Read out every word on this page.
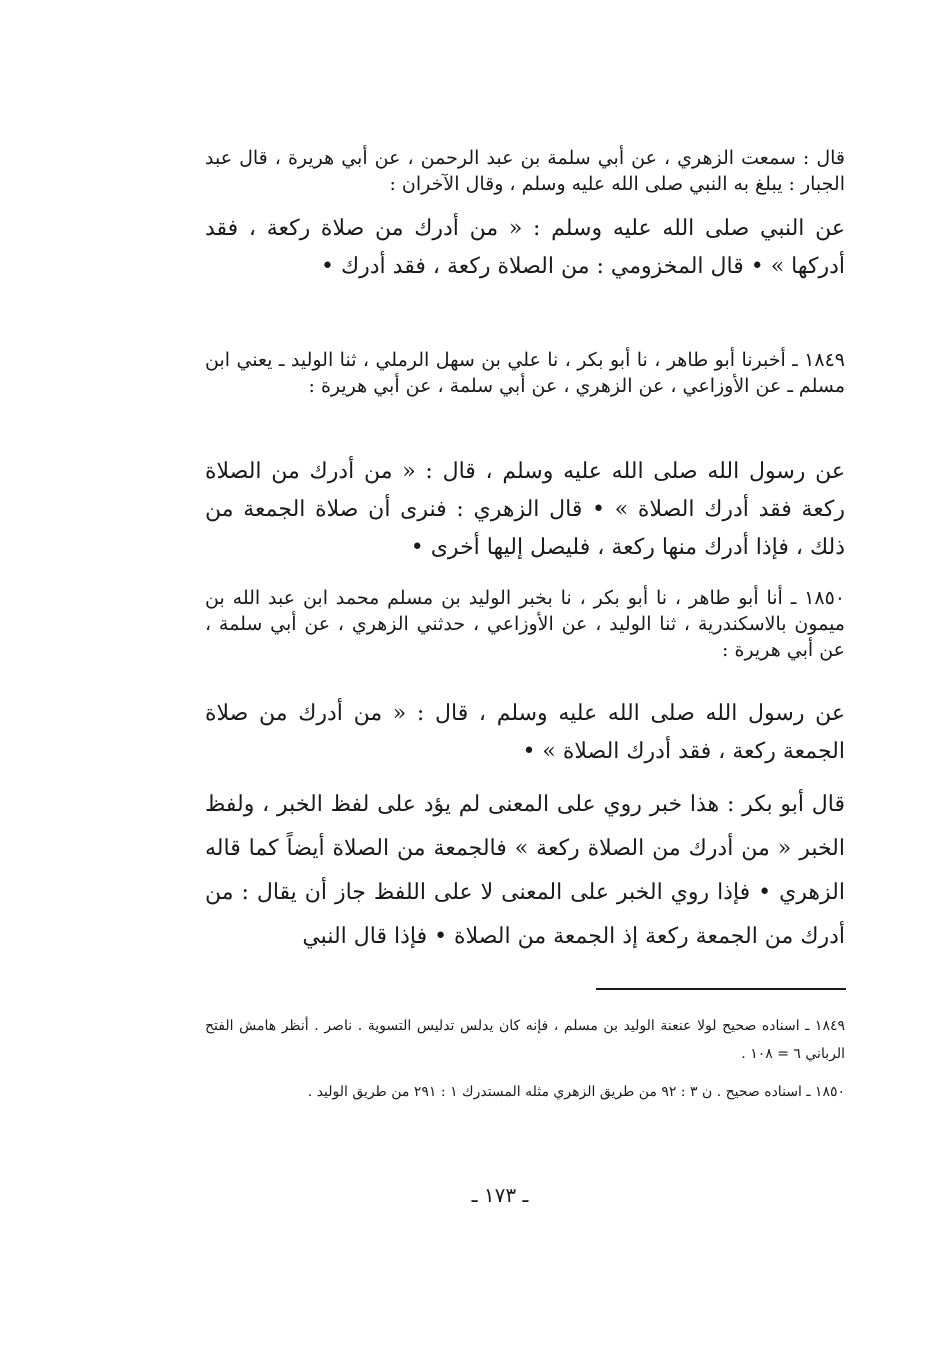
قال : سمعت الزهري ، عن أبي سلمة بن عبد الرحمن ، عن أبي هريرة ، قال عبد الجبار : يبلغ به النبي صلى الله عليه وسلم ، وقال الآخران :

عن النبي صلى الله عليه وسلم : « من أدرك من صلاة ركعة ، فقد أدركها » • قال المخزومي : من الصلاة ركعة ، فقد أدرك •

١٨٤٩ ـ أخبرنا أبو طاهر ، نا أبو بكر ، نا علي بن سهل الرملي ، ثنا الوليد ـ يعني ابن مسلم ـ عن الأوزاعي ، عن الزهري ، عن أبي سلمة ، عن أبي هريرة :

عن رسول الله صلى الله عليه وسلم ، قال : « من أدرك من الصلاة ركعة فقد أدرك الصلاة » • قال الزهري : فنرى أن صلاة الجمعة من ذلك ، فإذا أدرك منها ركعة ، فليصل إليها أخرى •

١٨٥٠ ـ أنا أبو طاهر ، نا أبو بكر ، نا بخبر الوليد بن مسلم محمد ابن عبد الله بن ميمون بالاسكندرية ، ثنا الوليد ، عن الأوزاعي ، حدثني الزهري ، عن أبي سلمة ، عن أبي هريرة :

عن رسول الله صلى الله عليه وسلم ، قال : « من أدرك من صلاة الجمعة ركعة ، فقد أدرك الصلاة » •

قال أبو بكر : هذا خبر روي على المعنى لم يؤد على لفظ الخبر ، ولفظ الخبر « من أدرك من الصلاة ركعة » فالجمعة من الصلاة أيضاً كما قاله الزهري • فإذا روي الخبر على المعنى لا على اللفظ جاز أن يقال : من أدرك من الجمعة ركعة إذ الجمعة من الصلاة • فإذا قال النبي

١٨٤٩ ـ اسناده صحيح لولا عنعنة الوليد بن مسلم ، فإنه كان يدلس تدليس التسوية . ناصر . أنظر هامش الفتح الرباني ٦ = ١٠٨ .

١٨٥٠ ـ اسناده صحيح . ن ٣ : ٩٢ من طريق الزهري مثله المستدرك ١ : ٢٩١ من طريق الوليد .

ـ ١٧٣ ـ
